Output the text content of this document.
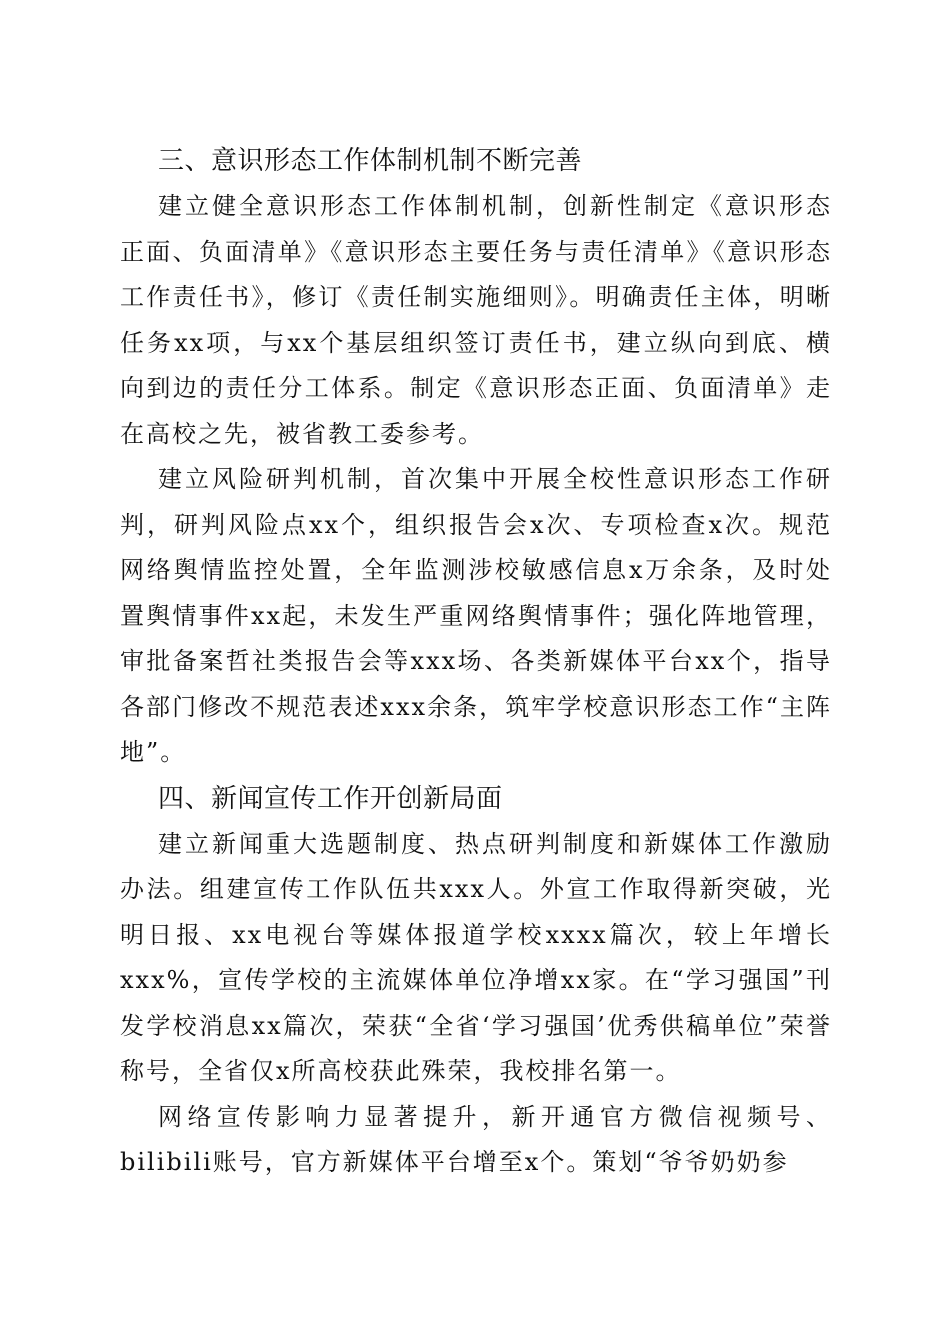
三、意识形态工作体制机制不断完善

建立健全意识形态工作体制机制，创新性制定《意识形态正面、负面清单》《意识形态主要任务与责任清单》《意识形态工作责任书》，修订《责任制实施细则》。明确责任主体，明晰任务xx项，与xx个基层组织签订责任书，建立纵向到底、横向到边的责任分工体系。制定《意识形态正面、负面清单》走在高校之先，被省教工委参考。

建立风险研判机制，首次集中开展全校性意识形态工作研判，研判风险点xx个，组织报告会x次、专项检查x次。规范网络舆情监控处置，全年监测涉校敏感信息x万余条，及时处置舆情事件xx起，未发生严重网络舆情事件；强化阵地管理，审批备案哲社类报告会等xxx场、各类新媒体平台xx个，指导各部门修改不规范表述xxx余条，筑牢学校意识形态工作“主阵地”。

四、新闻宣传工作开创新局面

建立新闻重大选题制度、热点研判制度和新媒体工作激励办法。组建宣传工作队伍共xxx人。外宣工作取得新突破，光明日报、xx电视台等媒体报道学校xxxx篇次，较上年增长xxx%，宣传学校的主流媒体单位净增xx家。在“学习强国”刊发学校消息xx篇次，荣获“全省‘学习强国’优秀供稿单位”荣誉称号，全省仅x所高校获此殊荣，我校排名第一。

网络宣传影响力显著提升，新开通官方微信视频号、bilibili账号，官方新媒体平台增至x个。策划“爷爷奶奶参
